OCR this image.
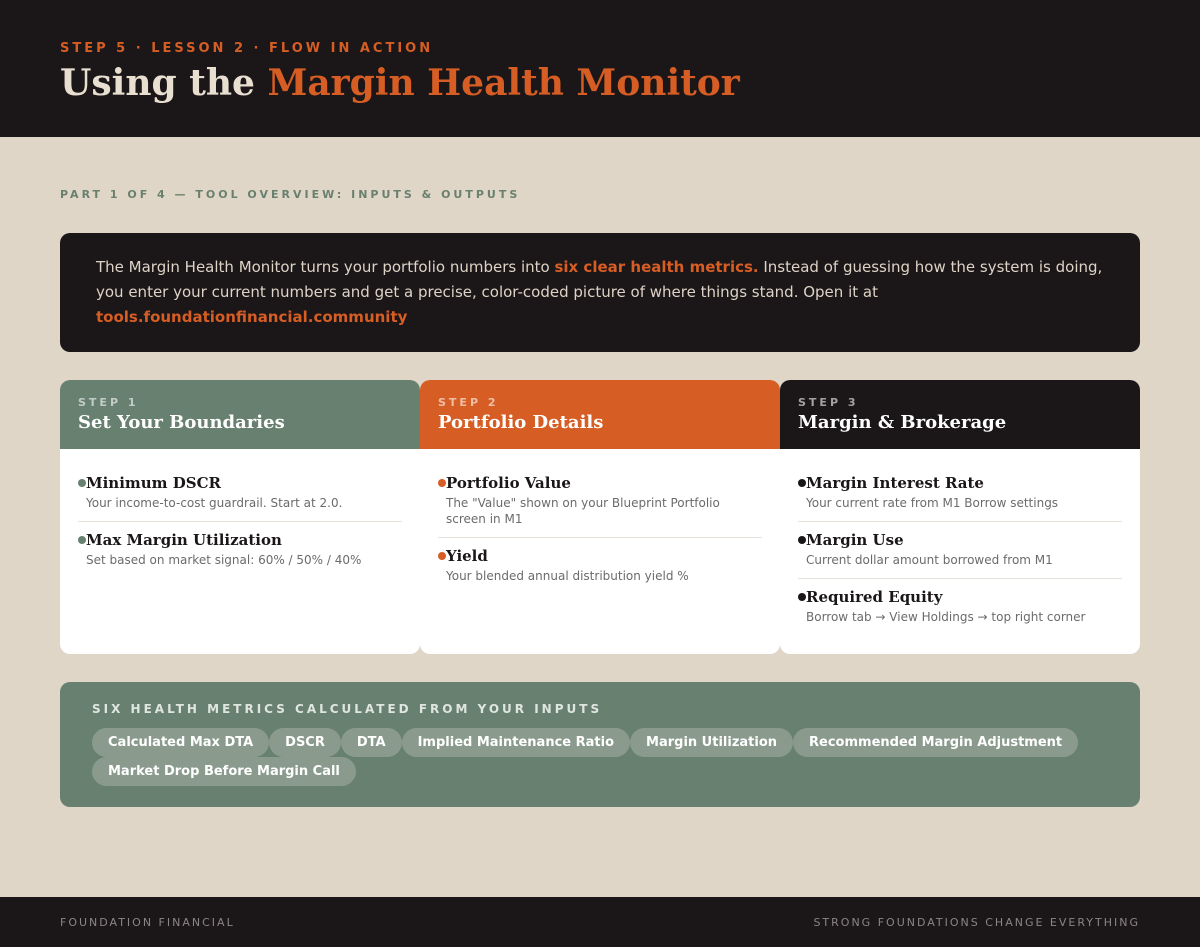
STEP 5 · LESSON 2 · FLOW IN ACTION
Using the Margin Health Monitor
PART 1 OF 4 — TOOL OVERVIEW: INPUTS & OUTPUTS

The Margin Health Monitor turns your portfolio numbers into six clear health metrics. Instead of guessing how the system is doing, you enter your current numbers and get a precise, color-coded picture of where things stand. Open it at tools.foundationfinancial.community

STEP 1
Set Your Boundaries
Minimum DSCR
Your income-to-cost guardrail. Start at 2.0.
Max Margin Utilization
Set based on market signal: 60% / 50% / 40%
STEP 2
Portfolio Details
Portfolio Value
The "Value" shown on your Blueprint Portfolio screen in M1
Yield
Your blended annual distribution yield %
STEP 3
Margin & Brokerage
Margin Interest Rate
Your current rate from M1 Borrow settings
Margin Use
Current dollar amount borrowed from M1
Required Equity
Borrow tab → View Holdings → top right corner
SIX HEALTH METRICS CALCULATED FROM YOUR INPUTS
Calculated Max DTA	DSCR	DTA	Implied Maintenance Ratio	Margin Utilization	Recommended Margin Adjustment
Market Drop Before Margin Call
FOUNDATION FINANCIAL	STRONG FOUNDATIONS CHANGE EVERYTHING
